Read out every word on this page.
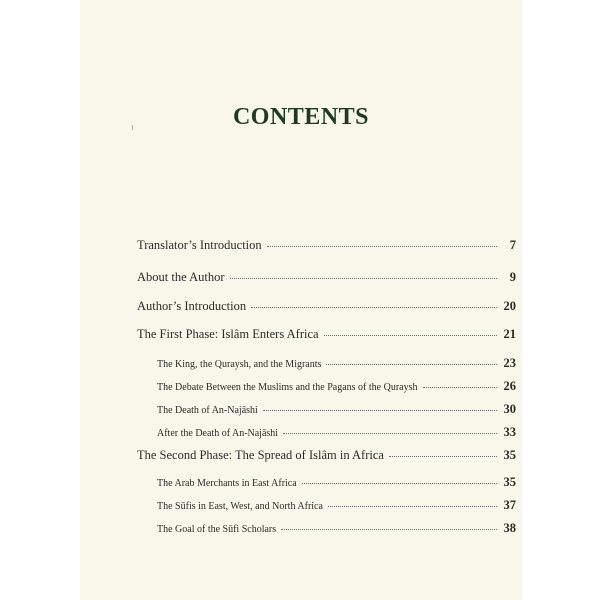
CONTENTS
Translator’s Introduction	7
About the Author	9
Author’s Introduction	20
The First Phase: Islâm Enters Africa	21
The King, the Quraysh, and the Migrants	23
The Debate Between the Muslims and the Pagans of the Quraysh	26
The Death of An-Najāshi	30
After the Death of An-Najāshi	33
The Second Phase: The Spread of Islâm in Africa	35
The Arab Merchants in East Africa	35
The Sūfis in East, West, and North Africa	37
The Goal of the Sūfi Scholars	38
